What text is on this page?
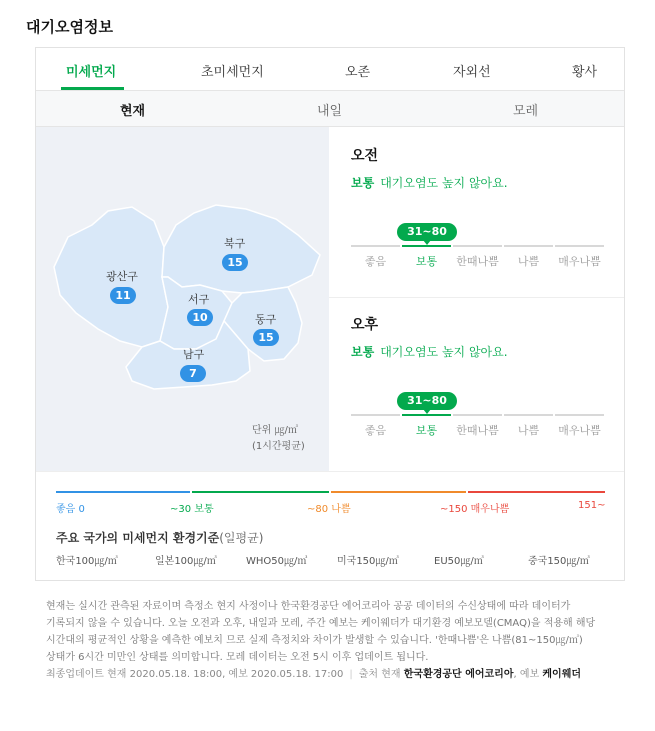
대기오염정보
미세먼지	초미세먼지	오존	자외선	황사
현재	내일	모레
광산구
11
북구
15
서구
10	동구
15
남구
7
단위 ㎍/㎥
(1시간평균)
오전
보통 대기오염도 높지 않아요.
좋음	보통	한때나쁨	나쁨	매우나쁨
31~80
오후
보통 대기오염도 높지 않아요.
좋음	보통	한때나쁨	나쁨	매우나쁨
31~80
좋음 0	~30 보통	~80 나쁨	~150 매우나쁨	151~
주요 국가의 미세먼지 환경기준(일평균)
한국100㎍/㎥	일본100㎍/㎥	WHO50㎍/㎥	미국150㎍/㎥	EU50㎍/㎥	중국150㎍/㎥
현재는 실시간 관측된 자료이며 측정소 현지 사정이나 한국환경공단 에어코리아 공공 데이터의 수신상태에 따라 데이터가 기록되지 않을 수 있습니다. 오늘 오전과 오후, 내일과 모레, 주간 예보는 케이웨더가 대기환경 예보모델(CMAQ)을 적용해 해당 시간대의 평균적인 상황을 예측한 예보치 므로 실제 측정치와 차이가 발생할 수 있습니다. '한때나쁨'은 나쁨(81~150㎍/㎥)상태가 6시간 미만인 상태를 의미합니다. 모레 데이터는 오전 5시 이후 업데이트 됩니다.
최종업데이트 현재 2020.05.18. 18:00, 예보 2020.05.18. 17:00 | 출처 현재 한국환경공단 에어코리아, 예보 케이웨더
